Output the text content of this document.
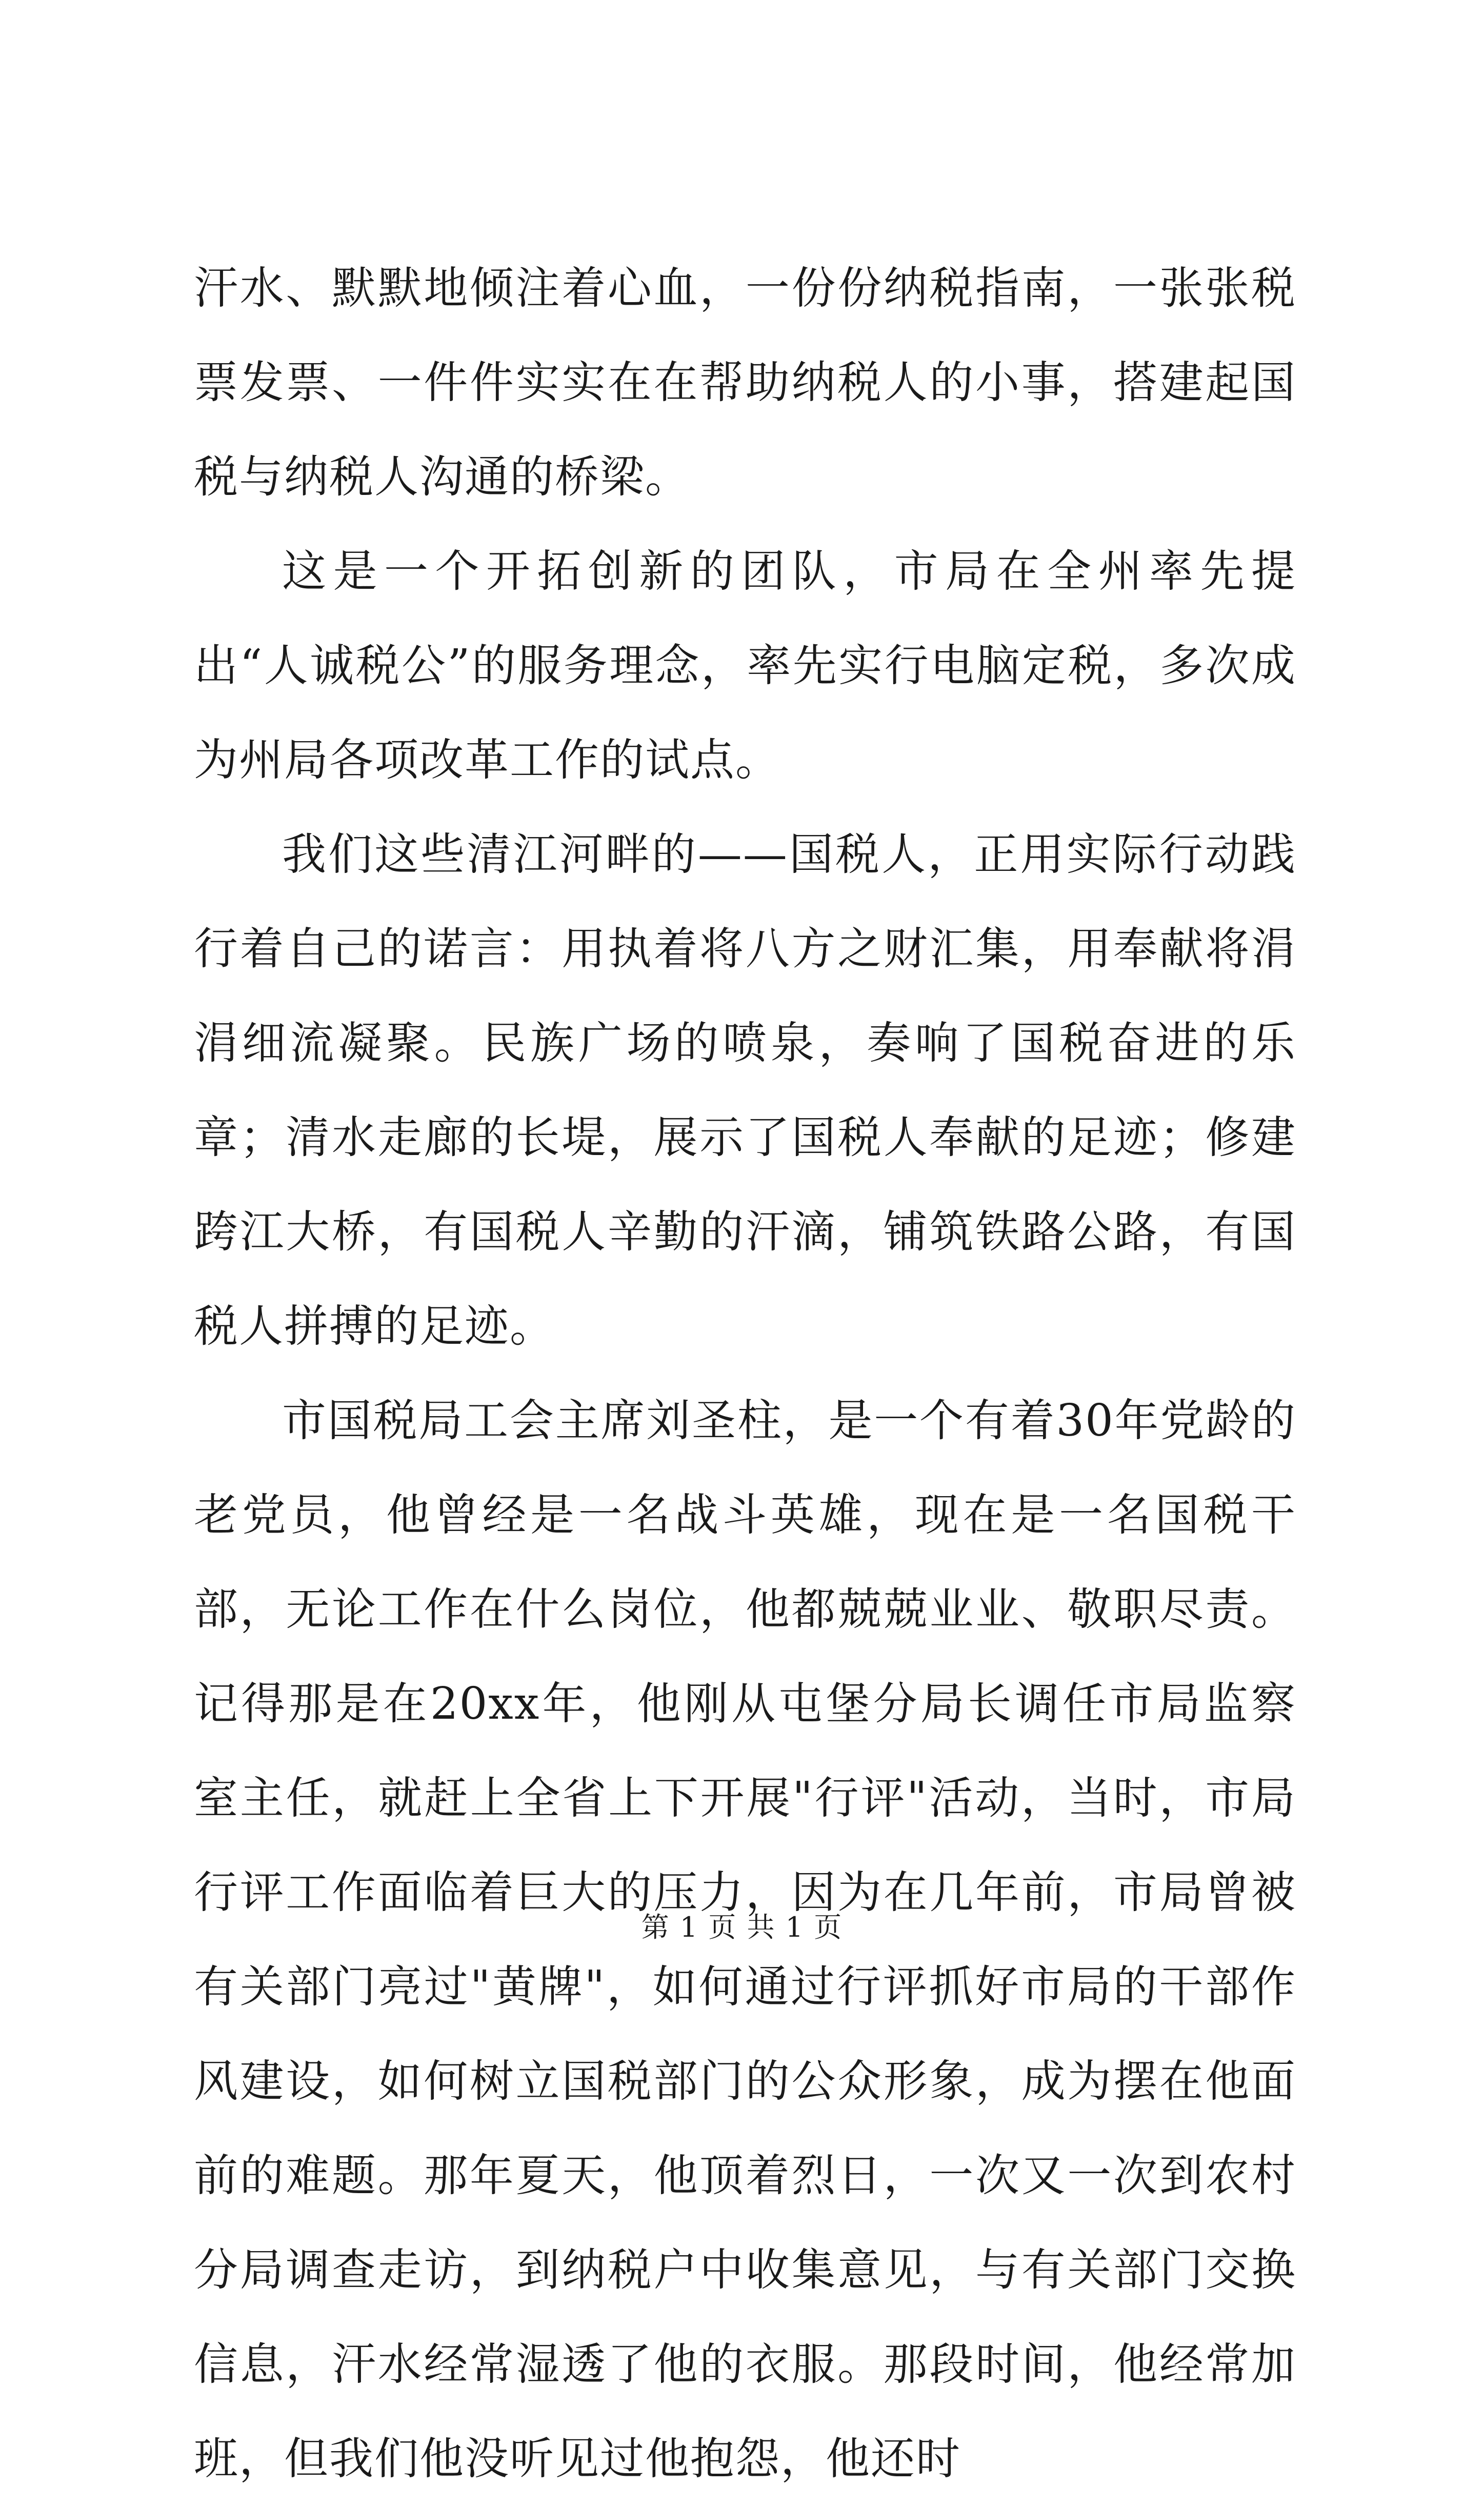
汗水、默默地倾注着心血，一份份纳税指南，一张张税票发票、一件件实实在在帮助纳税人的小事，搭建起国税与纳税人沟通的桥梁。

这是一个开拓创新的团队，市局在全州率先提出“人诚税公”的服务理念，率先实行电脑定税，多次成为州局各项改革工作的试点。

我们这些清江河畔的——国税人，正用实际行动践行着自己的诺言：用执着将八方之财汇集，用奉献将涓涓细流凝聚。民族广场的喷泉，奏响了国税奋进的乐章；清水走廊的长堤，展示了国税人奉献的足迹；修建跨江大桥，有国税人辛勤的汗滴，铺筑铁路公路，有国税人拼搏的足迹。

市国税局工会主席刘圣柱，是一个有着30年党龄的老党员，他曾经是一名战斗英雄，现在是一名国税干部，无论工作在什么岗位，他都兢兢业业、敬职尽责。记得那是在20xx年，他刚从屯堡分局长调任市局监察室主任，就赶上全省上下开展"行评"活动，当时，市局行评工作面临着巨大的压力，因为在几年前，市局曾被有关部门亮过"黄牌"，如何通过行评抓好市局的干部作风建设，如何树立国税部门的公众形象，成为摆在他面前的难题。那年夏天，他顶着烈日，一次又一次到农村分局调查走访，到纳税户中收集意见，与有关部门交换信息，汗水经常湿透了他的衣服。那段时间，他经常加班，但我们他没听见过他抱怨，他还时

第 1 页 共 1 页
